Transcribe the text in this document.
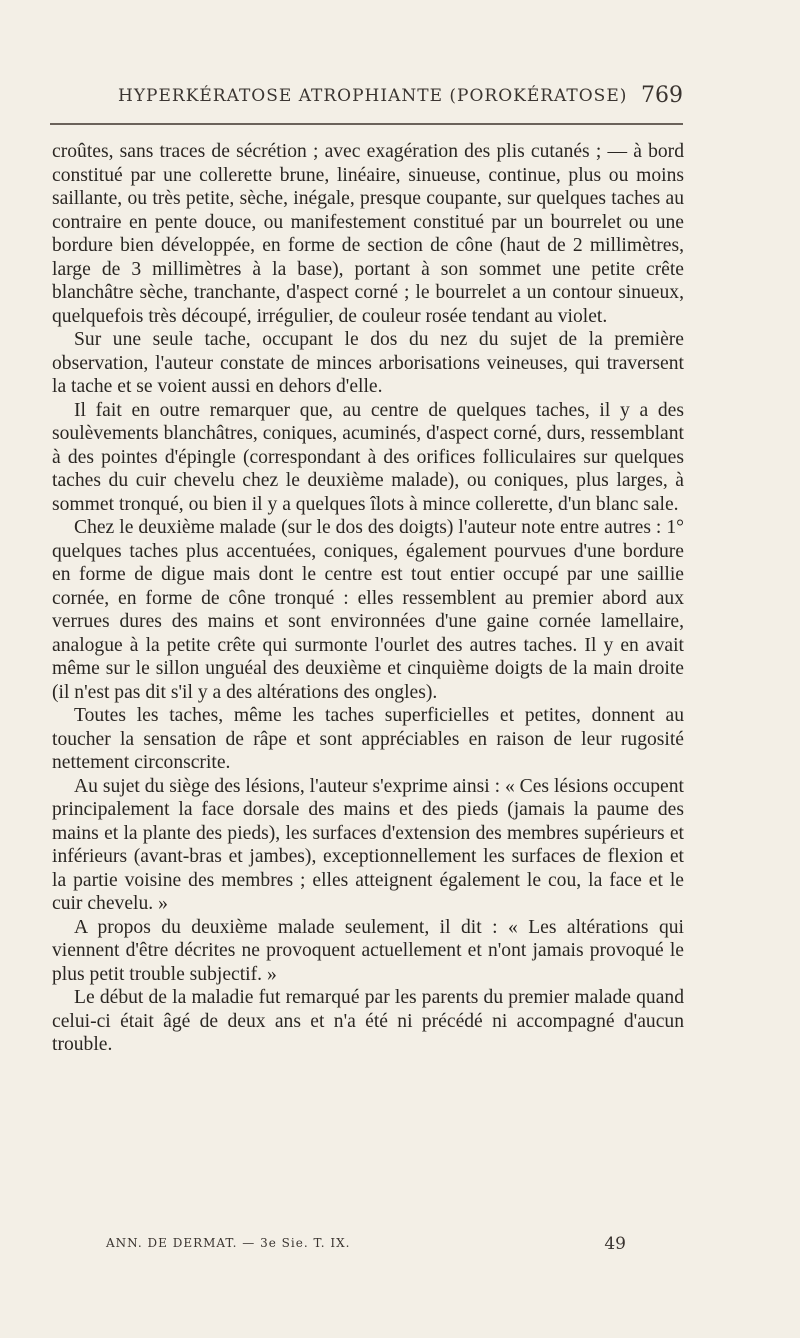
HYPERKÉRATOSE ATROPHIANTE (POROKÉRATOSE) 769

croûtes, sans traces de sécrétion ; avec exagération des plis cutanés ; — à bord constitué par une collerette brune, linéaire, sinueuse, continue, plus ou moins saillante, ou très petite, sèche, inégale, presque coupante, sur quelques taches au contraire en pente douce, ou manifestement constitué par un bourrelet ou une bordure bien développée, en forme de section de cône (haut de 2 millimètres, large de 3 millimètres à la base), portant à son sommet une petite crête blanchâtre sèche, tranchante, d'aspect corné ; le bourrelet a un contour sinueux, quelquefois très découpé, irrégulier, de couleur rosée tendant au violet.

Sur une seule tache, occupant le dos du nez du sujet de la première observation, l'auteur constate de minces arborisations veineuses, qui traversent la tache et se voient aussi en dehors d'elle.

Il fait en outre remarquer que, au centre de quelques taches, il y a des soulèvements blanchâtres, coniques, acuminés, d'aspect corné, durs, ressemblant à des pointes d'épingle (correspondant à des orifices folliculaires sur quelques taches du cuir chevelu chez le deuxième malade), ou coniques, plus larges, à sommet tronqué, ou bien il y a quelques îlots à mince collerette, d'un blanc sale.

Chez le deuxième malade (sur le dos des doigts) l'auteur note entre autres : 1° quelques taches plus accentuées, coniques, également pourvues d'une bordure en forme de digue mais dont le centre est tout entier occupé par une saillie cornée, en forme de cône tronqué : elles ressemblent au premier abord aux verrues dures des mains et sont environnées d'une gaine cornée lamellaire, analogue à la petite crête qui surmonte l'ourlet des autres taches. Il y en avait même sur le sillon unguéal des deuxième et cinquième doigts de la main droite (il n'est pas dit s'il y a des altérations des ongles).

Toutes les taches, même les taches superficielles et petites, donnent au toucher la sensation de râpe et sont appréciables en raison de leur rugosité nettement circonscrite.

Au sujet du siège des lésions, l'auteur s'exprime ainsi : « Ces lésions occupent principalement la face dorsale des mains et des pieds (jamais la paume des mains et la plante des pieds), les surfaces d'extension des membres supérieurs et inférieurs (avant-bras et jambes), exceptionnellement les surfaces de flexion et la partie voisine des membres ; elles atteignent également le cou, la face et le cuir chevelu. »

A propos du deuxième malade seulement, il dit : « Les altérations qui viennent d'être décrites ne provoquent actuellement et n'ont jamais provoqué le plus petit trouble subjectif. »

Le début de la maladie fut remarqué par les parents du premier malade quand celui-ci était âgé de deux ans et n'a été ni précédé ni accompagné d'aucun trouble.

ANN. DE DERMAT. — 3e Sie. T. IX.	49
